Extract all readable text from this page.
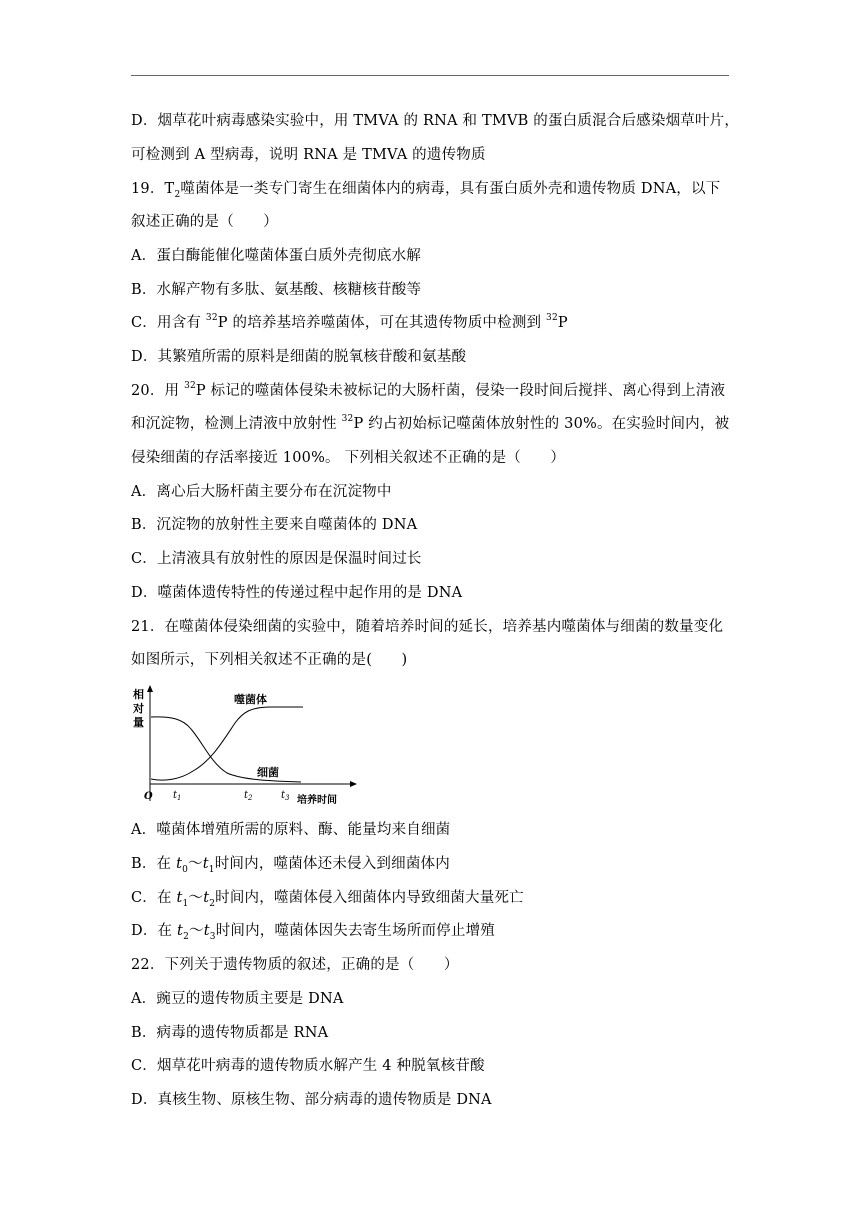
D．烟草花叶病毒感染实验中，用 TMVA 的 RNA 和 TMVB 的蛋白质混合后感染烟草叶片，
可检测到 A 型病毒，说明 RNA 是 TMVA 的遗传物质
19．$T_2$噬菌体是一类专门寄生在细菌体内的病毒，具有蛋白质外壳和遗传物质 DNA，以下
叙述正确的是（　　）
A．蛋白酶能催化噬菌体蛋白质外壳彻底水解
B．水解产物有多肽、氨基酸、核糖核苷酸等
C．用含有 $^{32}$P 的培养基培养噬菌体，可在其遗传物质中检测到 $^{32}$P
D．其繁殖所需的原料是细菌的脱氧核苷酸和氨基酸
20．用 $^{32}$P 标记的噬菌体侵染未被标记的大肠杆菌，侵染一段时间后搅拌、离心得到上清液
和沉淀物，检测上清液中放射性 $^{32}$P 约占初始标记噬菌体放射性的 30%。在实验时间内，被
侵染细菌的存活率接近 100%。 下列相关叙述不正确的是（　　）
A．离心后大肠杆菌主要分布在沉淀物中
B．沉淀物的放射性主要来自噬菌体的 DNA
C．上清液具有放射性的原因是保温时间过长
D．噬菌体遗传特性的传递过程中起作用的是 DNA
21．在噬菌体侵染细菌的实验中，随着培养时间的延长，培养基内噬菌体与细菌的数量变化
如图所示，下列相关叙述不正确的是(　　)
相
对
量
噬菌体
细菌
O $t_1$	$t_2$	$t_3$ 培养时间
A．噬菌体增殖所需的原料、酶、能量均来自细菌
B．在 $t_0\sim t_1$时间内，噬菌体还未侵入到细菌体内
C．在 $t_1\sim t_2$时间内，噬菌体侵入细菌体内导致细菌大量死亡
D．在 $t_2\sim t_3$时间内，噬菌体因失去寄生场所而停止增殖
22．下列关于遗传物质的叙述，正确的是（　　）
A．豌豆的遗传物质主要是 DNA
B．病毒的遗传物质都是 RNA
C．烟草花叶病毒的遗传物质水解产生 4 种脱氧核苷酸
D．真核生物、原核生物、部分病毒的遗传物质是 DNA
